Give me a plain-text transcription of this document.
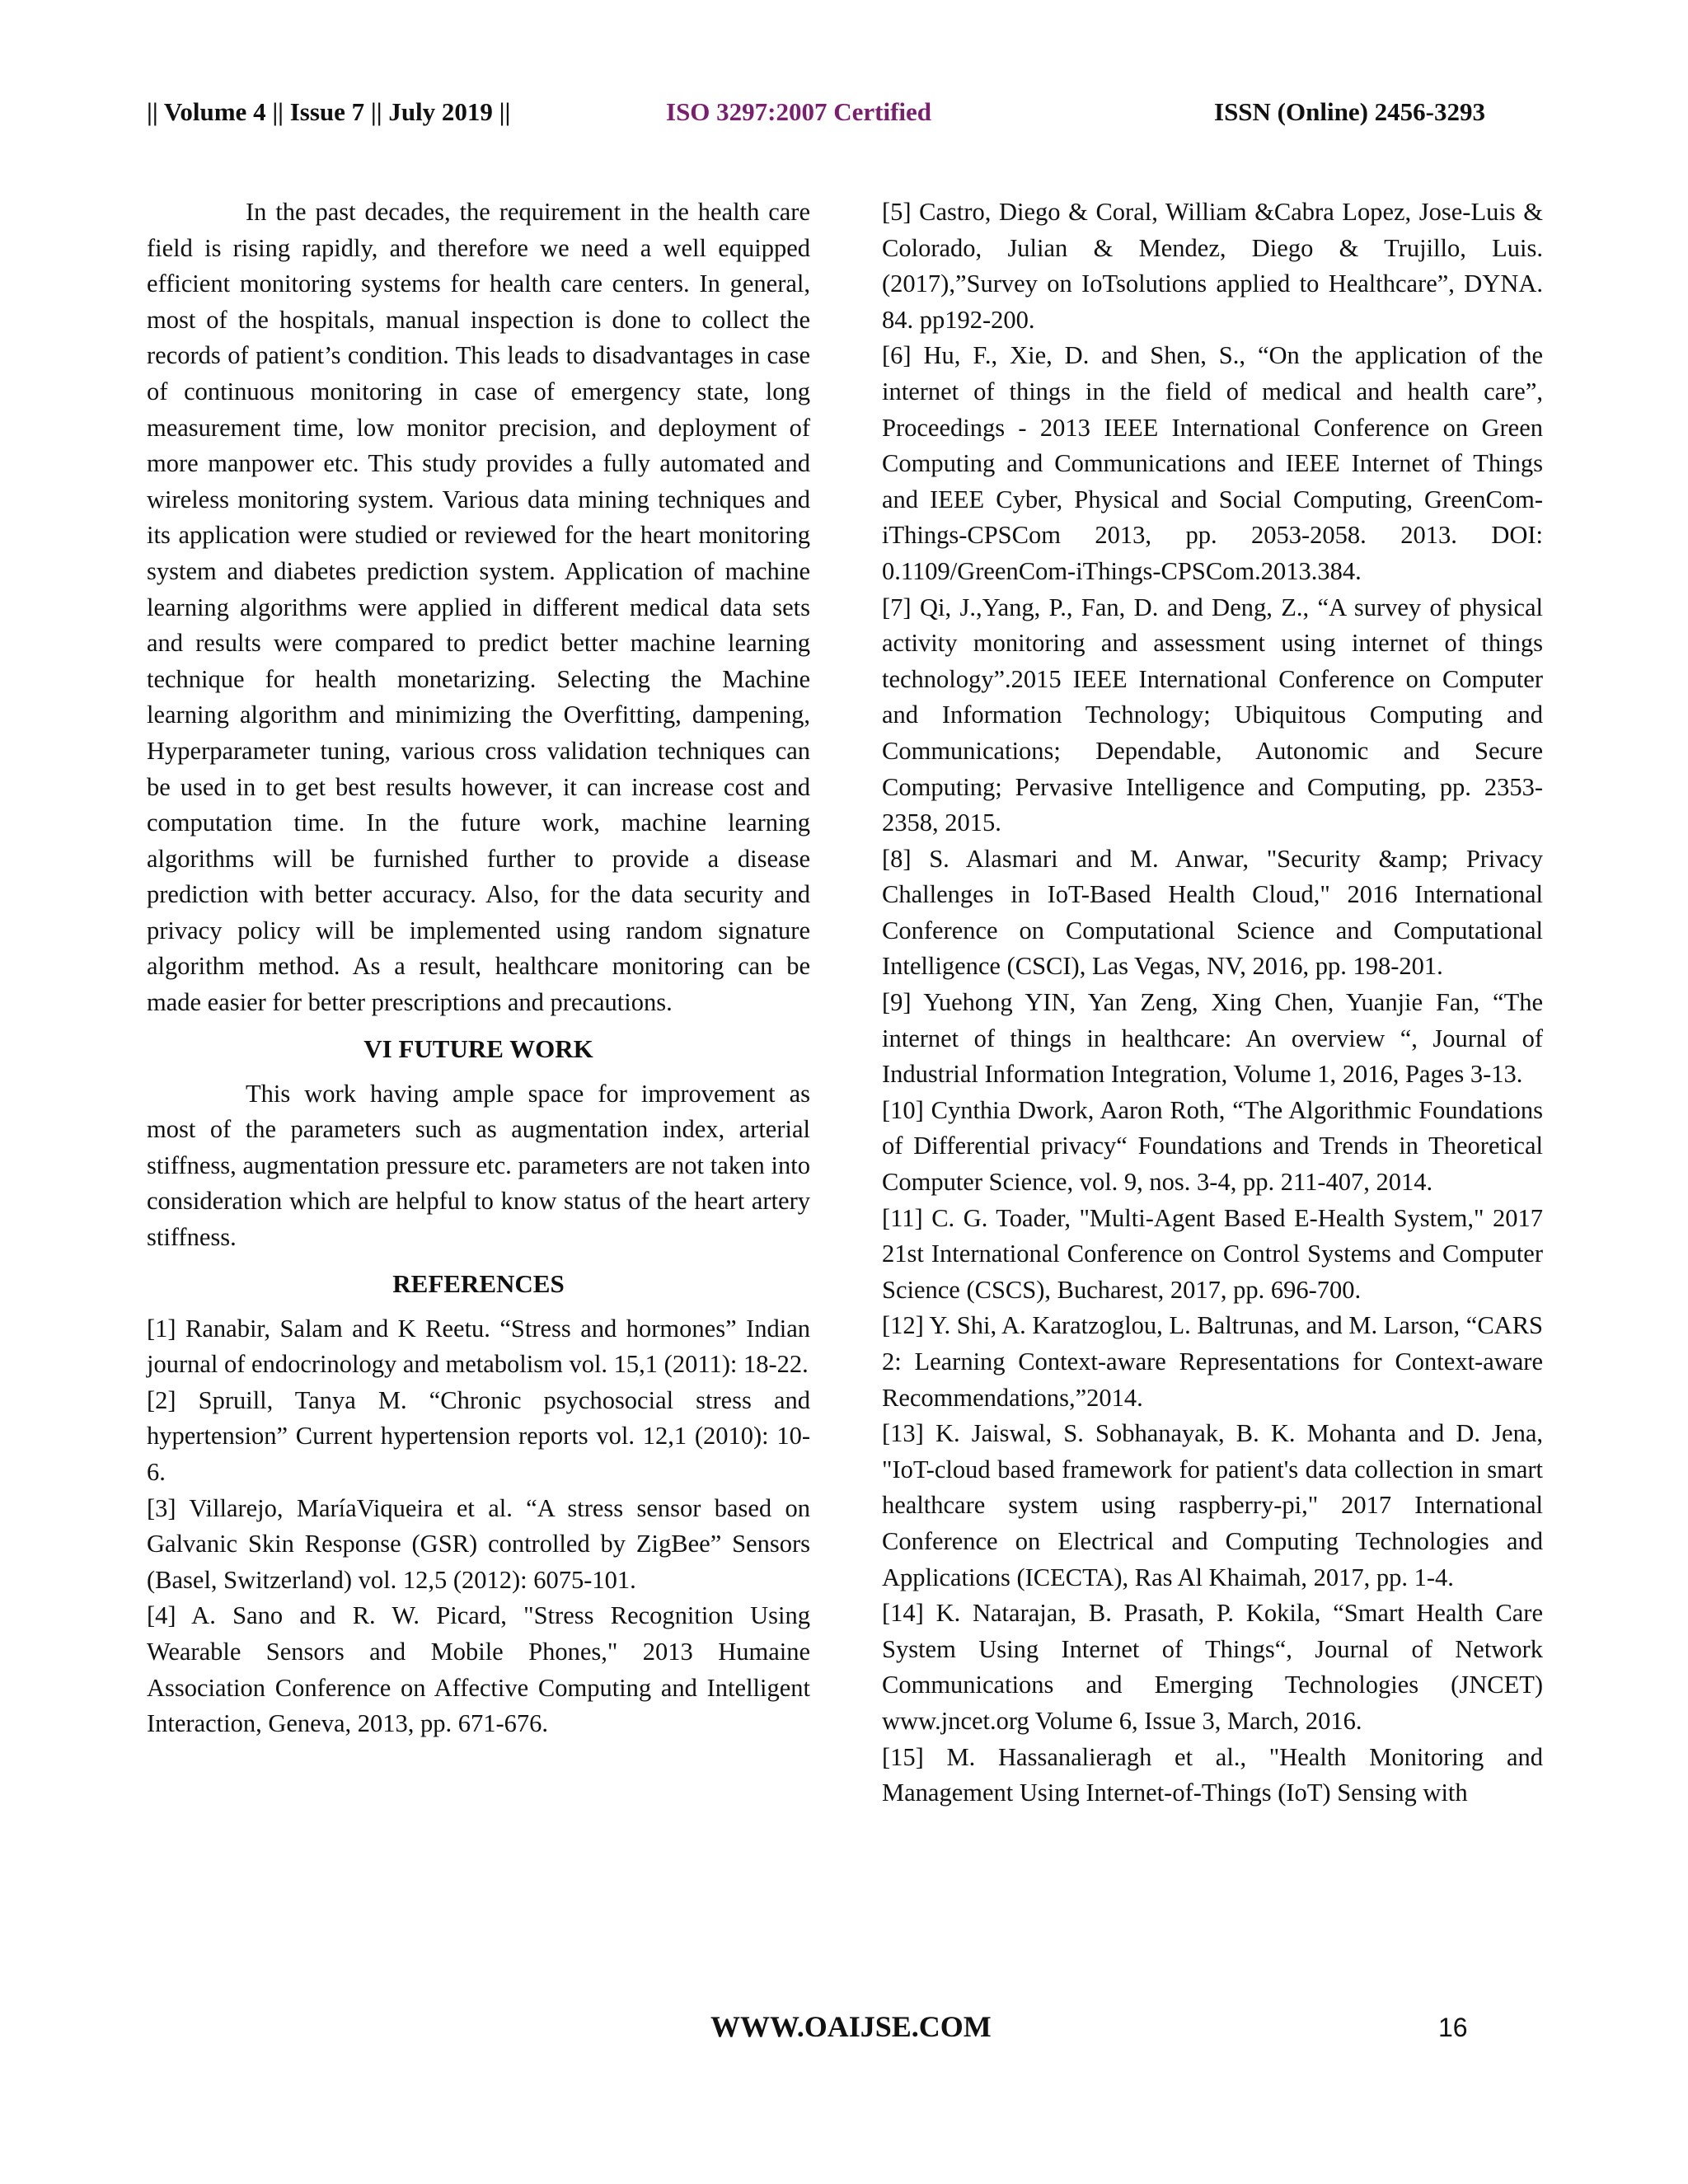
|| Volume 4 || Issue 7 || July 2019 ||	ISO 3297:2007 Certified	ISSN (Online) 2456-3293

In the past decades, the requirement in the health care field is rising rapidly, and therefore we need a well equipped efficient monitoring systems for health care centers. In general, most of the hospitals, manual inspection is done to collect the records of patient’s condition. This leads to disadvantages in case of continuous monitoring in case of emergency state, long measurement time, low monitor precision, and deployment of more manpower etc. This study provides a fully automated and wireless monitoring system. Various data mining techniques and its application were studied or reviewed for the heart monitoring system and diabetes prediction system. Application of machine learning algorithms were applied in different medical data sets and results were compared to predict better machine learning technique for health monetarizing. Selecting the Machine learning algorithm and minimizing the Overfitting, dampening, Hyperparameter tuning, various cross validation techniques can be used in to get best results however, it can increase cost and computation time. In the future work, machine learning algorithms will be furnished further to provide a disease prediction with better accuracy. Also, for the data security and privacy policy will be implemented using random signature algorithm method. As a result, healthcare monitoring can be made easier for better prescriptions and precautions.

VI FUTURE WORK

This work having ample space for improvement as most of the parameters such as augmentation index, arterial stiffness, augmentation pressure etc. parameters are not taken into consideration which are helpful to know status of the heart artery stiffness.

REFERENCES

[1] Ranabir, Salam and K Reetu. “Stress and hormones” Indian journal of endocrinology and metabolism vol. 15,1 (2011): 18-22.

[2] Spruill, Tanya M. “Chronic psychosocial stress and hypertension” Current hypertension reports vol. 12,1 (2010): 10-6.

[3] Villarejo, MaríaViqueira et al. “A stress sensor based on Galvanic Skin Response (GSR) controlled by ZigBee” Sensors (Basel, Switzerland) vol. 12,5 (2012): 6075-101.

[4] A. Sano and R. W. Picard, "Stress Recognition Using Wearable Sensors and Mobile Phones," 2013 Humaine Association Conference on Affective Computing and Intelligent Interaction, Geneva, 2013, pp. 671-676.

[5] Castro, Diego & Coral, William &Cabra Lopez, Jose-Luis & Colorado, Julian & Mendez, Diego & Trujillo, Luis. (2017),”Survey on IoTsolutions applied to Healthcare”, DYNA. 84. pp192-200.

[6] Hu, F., Xie, D. and Shen, S., “On the application of the internet of things in the field of medical and health care”, Proceedings - 2013 IEEE International Conference on Green Computing and Communications and IEEE Internet of Things and IEEE Cyber, Physical and Social Computing, GreenCom-iThings-CPSCom 2013, pp. 2053-2058. 2013. DOI: 0.1109/GreenCom-iThings-CPSCom.2013.384.

[7] Qi, J.,Yang, P., Fan, D. and Deng, Z., “A survey of physical activity monitoring and assessment using internet of things technology”.2015 IEEE International Conference on Computer and Information Technology; Ubiquitous Computing and Communications; Dependable, Autonomic and Secure Computing; Pervasive Intelligence and Computing, pp. 2353-2358, 2015.

[8] S. Alasmari and M. Anwar, "Security &amp; Privacy Challenges in IoT-Based Health Cloud," 2016 International Conference on Computational Science and Computational Intelligence (CSCI), Las Vegas, NV, 2016, pp. 198-201.

[9] Yuehong YIN, Yan Zeng, Xing Chen, Yuanjie Fan, “The internet of things in healthcare: An overview “, Journal of Industrial Information Integration, Volume 1, 2016, Pages 3-13.

[10] Cynthia Dwork, Aaron Roth, “The Algorithmic Foundations of Differential privacy“ Foundations and Trends in Theoretical Computer Science, vol. 9, nos. 3-4, pp. 211-407, 2014.

[11] C. G. Toader, "Multi-Agent Based E-Health System," 2017 21st International Conference on Control Systems and Computer Science (CSCS), Bucharest, 2017, pp. 696-700.

[12] Y. Shi, A. Karatzoglou, L. Baltrunas, and M. Larson, “CARS 2: Learning Context-aware Representations for Context-aware Recommendations,”2014.

[13] K. Jaiswal, S. Sobhanayak, B. K. Mohanta and D. Jena, "IoT-cloud based framework for patient's data collection in smart healthcare system using raspberry-pi," 2017 International Conference on Electrical and Computing Technologies and Applications (ICECTA), Ras Al Khaimah, 2017, pp. 1-4.

[14] K. Natarajan, B. Prasath, P. Kokila, “Smart Health Care System Using Internet of Things“, Journal of Network Communications and Emerging Technologies (JNCET) www.jncet.org Volume 6, Issue 3, March, 2016.

[15] M. Hassanalieragh et al., "Health Monitoring and Management Using Internet-of-Things (IoT) Sensing with

WWW.OAIJSE.COM	16
